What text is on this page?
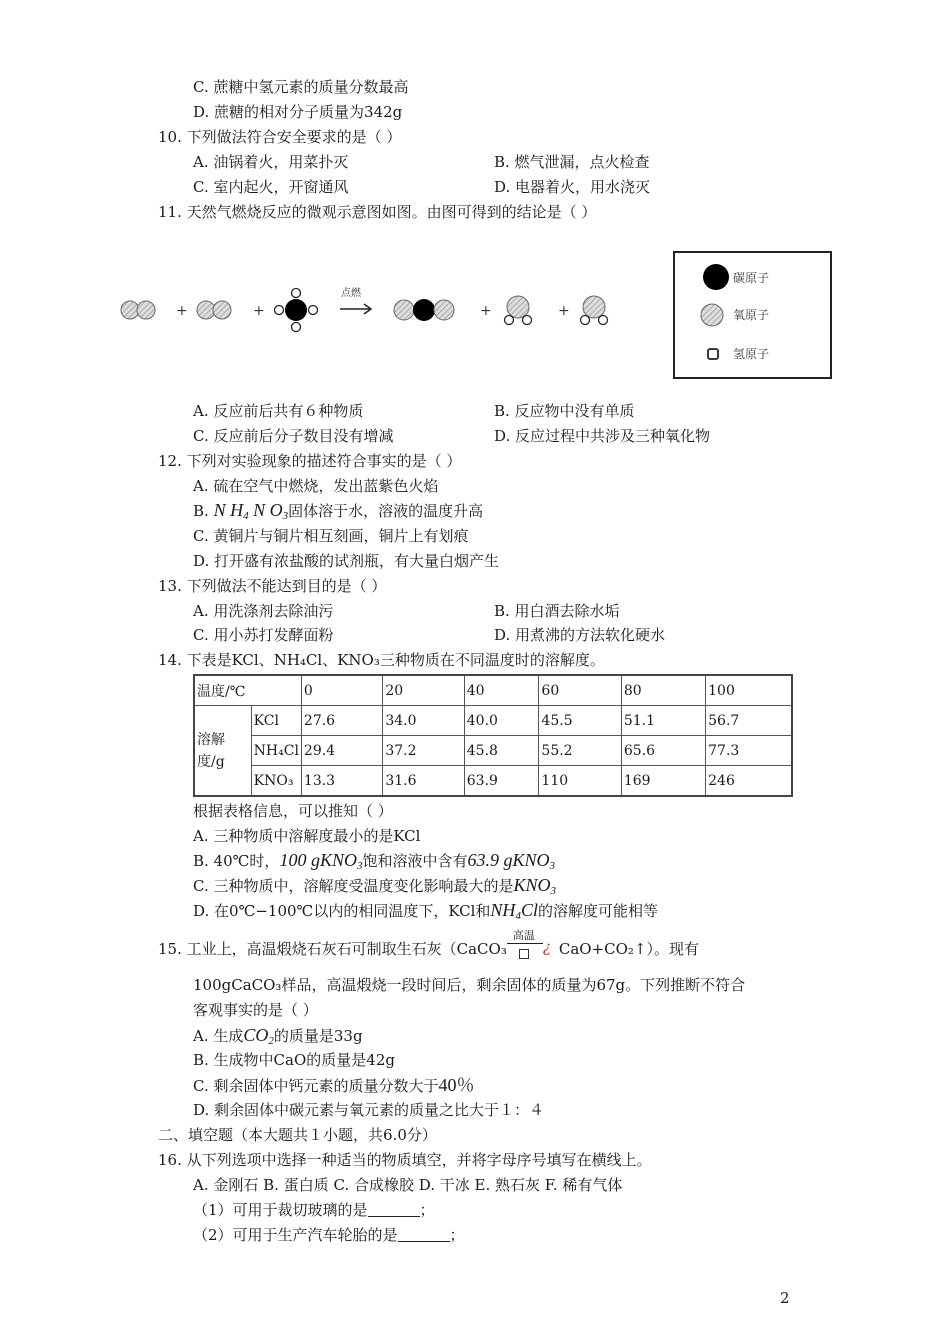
C. 蔗糖中氢元素的质量分数最高
D. 蔗糖的相对分子质量为342g
10. 下列做法符合安全要求的是（ ）
A. 油锅着火，用菜扑灭	B. 燃气泄漏，点火检查
C. 室内起火，开窗通风	D. 电器着火，用水浇灭
11. 天然气燃烧反应的微观示意图如图。由图可得到的结论是（ ）
+	+
点燃
+	+
碳原子
氧原子
氢原子
A. 反应前后共有６种物质	B. 反应物中没有单质
C. 反应前后分子数目没有增减	D. 反应过程中共涉及三种氧化物
12. 下列对实验现象的描述符合事实的是（ ）
A. 硫在空气中燃烧，发出蓝紫色火焰
B. N $H_4$ N $O_3$固体溶于水，溶液的温度升高
C. 黄铜片与铜片相互刻画，铜片上有划痕
D. 打开盛有浓盐酸的试剂瓶，有大量白烟产生
13. 下列做法不能达到目的是（ ）
A. 用洗涤剂去除油污	B. 用白酒去除水垢
C. 用小苏打发酵面粉	D. 用煮沸的方法软化硬水
14. 下表是KCl、NH₄Cl、KNO₃三种物质在不同温度时的溶解度。
温度/℃		0	20	40	60	80	100
溶解度/g	KCl	27.6	34.0	40.0	45.5	51.1	56.7
	NH₄Cl	29.4	37.2	45.8	55.2	65.6	77.3
	KNO₃	13.3	31.6	63.9	110	169	246
根据表格信息，可以推知（ ）
A. 三种物质中溶解度最小的是KCl
B. 40℃时，100 gKNO$_3$饱和溶液中含有63.9 gKNO$_3$
C. 三种物质中，溶解度受温度变化影响最大的是$KNO_3$
D. 在0℃−100℃以内的相同温度下，KCl和$NH_4Cl$的溶解度可能相等
15. 工业上，高温煅烧石灰石可制取生石灰（CaCO₃
高温
¿ CaO+CO₂↑）。现有
100gCaCO₃样品，高温煅烧一段时间后，剩余固体的质量为67g。下列推断不符合
客观事实的是（ ）
A. 生成$CO_2$的质量是33g
B. 生成物中CaO的质量是42g
C. 剩余固体中钙元素的质量分数大于40％
D. 剩余固体中碳元素与氧元素的质量之比大于１：４
二、填空题（本大题共１小题，共6.0分）
16. 从下列选项中选择一种适当的物质填空，并将字母序号填写在横线上。
A. 金刚石 B. 蛋白质 C. 合成橡胶 D. 干冰 E. 熟石灰 F. 稀有气体
（1）可用于裁切玻璃的是	；
（2）可用于生产汽车轮胎的是	；
2
